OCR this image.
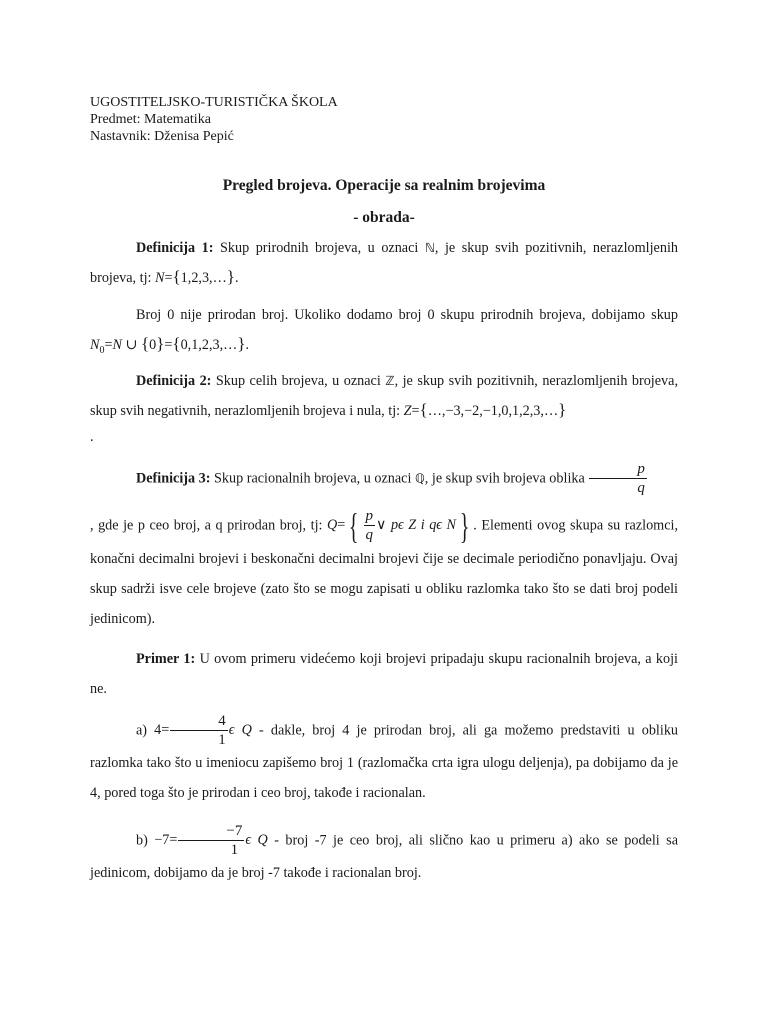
UGOSTITELJSKO-TURISTIČKA ŠKOLA
Predmet: Matematika
Nastavnik: Dženisa Pepić
Pregled brojeva. Operacije sa realnim brojevima
- obrada-
Definicija 1: Skup prirodnih brojeva, u oznaci ℕ, je skup svih pozitivnih, nerazlomljenih brojeva, tj: N={1,2,3,…}.
Broj 0 nije prirodan broj. Ukoliko dodamo broj 0 skupu prirodnih brojeva, dobijamo skup $N_0=N$ ∪ {0}={0,1,2,3,…}.
Definicija 2: Skup celih brojeva, u oznaci ℤ, je skup svih pozitivnih, nerazlomljenih brojeva, skup svih negativnih, nerazlomljenih brojeva i nula, tj: Z={…,−3,−2,−1,0,1,2,3,…}
.
Definicija 3: Skup racionalnih brojeva, u oznaci ℚ, je skup svih brojeva oblika $\frac{p}{q}$
, gde je p ceo broj, a q prirodan broj, tj: Q= { $\frac{p}{q}$ ∨ pϵ Z i qϵ N } . Elementi ovog skupa su razlomci, konačni decimalni brojevi i beskonačni decimalni brojevi čije se decimale periodično ponavljaju. Ovaj skup sadrži isve cele brojeve (zato što se mogu zapisati u obliku razlomka tako što se dati broj podeli jedinicom).
Primer 1: U ovom primeru videćemo koji brojevi pripadaju skupu racionalnih brojeva, a koji ne.
a) $4= \frac{4}{1}$ ϵ Q - dakle, broj 4 je prirodan broj, ali ga možemo predstaviti u obliku razlomka tako što u imeniocu zapišemo broj 1 (razlomačka crta igra ulogu deljenja), pa dobijamo da je 4, pored toga što je prirodan i ceo broj, takođe i racionalan.
$b) -7= \frac{-7}{1}$ ϵ Q - broj -7 je ceo broj, ali slično kao u primeru a) ako se podeli sa jedinicom, dobijamo da je broj -7 takođe i racionalan broj.
